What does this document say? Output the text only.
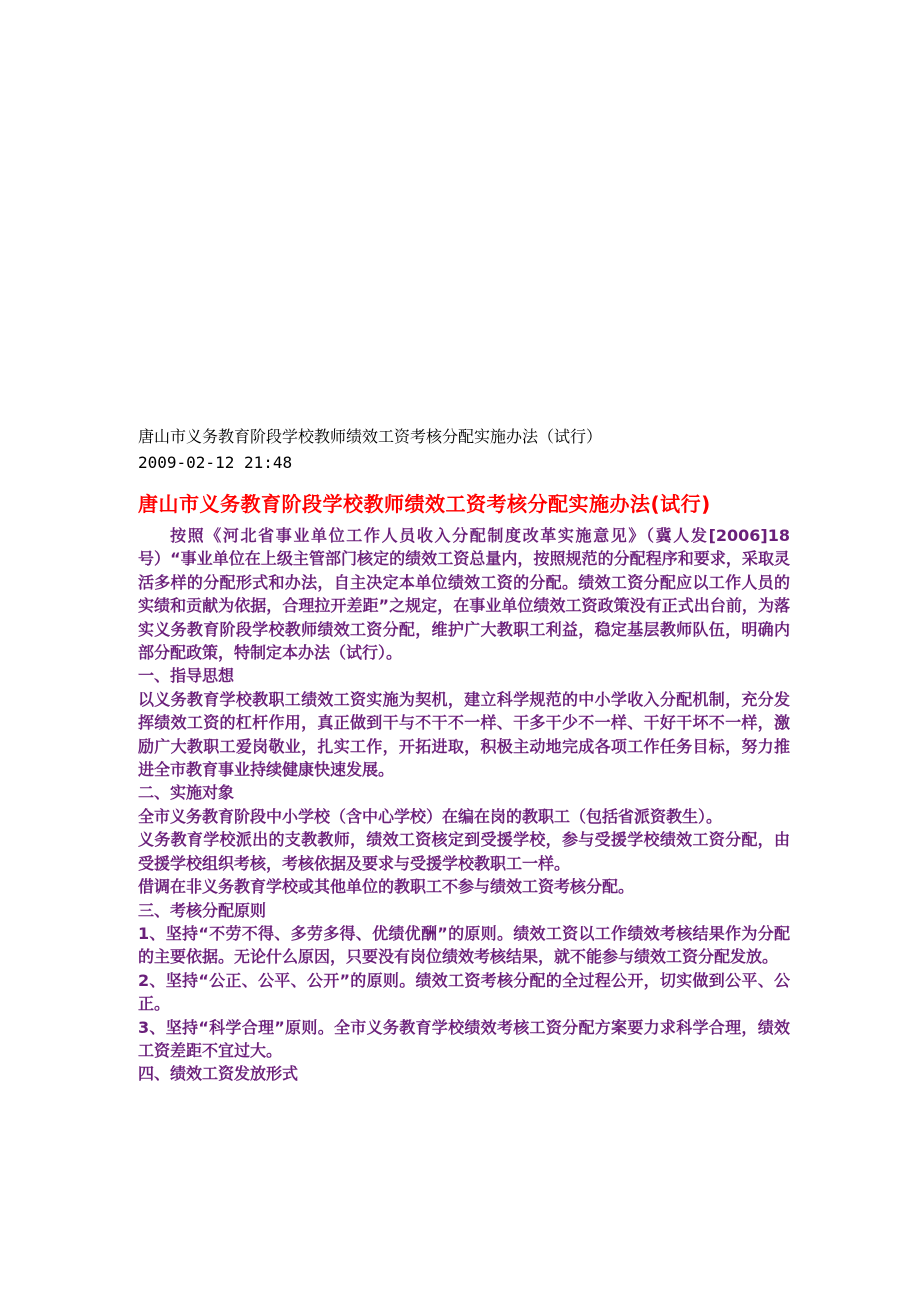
唐山市义务教育阶段学校教师绩效工资考核分配实施办法（试行）
2009-02-12 21:48
唐山市义务教育阶段学校教师绩效工资考核分配实施办法(试行)

按照《河北省事业单位工作人员收入分配制度改革实施意见》（冀人发[2006]18号）“事业单位在上级主管部门核定的绩效工资总量内，按照规范的分配程序和要求，采取灵活多样的分配形式和办法，自主决定本单位绩效工资的分配。绩效工资分配应以工作人员的实绩和贡献为依据，合理拉开差距”之规定，在事业单位绩效工资政策没有正式出台前，为落实义务教育阶段学校教师绩效工资分配，维护广大教职工利益，稳定基层教师队伍，明确内部分配政策，特制定本办法（试行）。

一、指导思想

以义务教育学校教职工绩效工资实施为契机，建立科学规范的中小学收入分配机制，充分发挥绩效工资的杠杆作用，真正做到干与不干不一样、干多干少不一样、干好干坏不一样，激励广大教职工爱岗敬业，扎实工作，开拓进取，积极主动地完成各项工作任务目标，努力推进全市教育事业持续健康快速发展。

二、实施对象

全市义务教育阶段中小学校（含中心学校）在编在岗的教职工（包括省派资教生）。

义务教育学校派出的支教教师，绩效工资核定到受援学校，参与受援学校绩效工资分配，由受援学校组织考核，考核依据及要求与受援学校教职工一样。

借调在非义务教育学校或其他单位的教职工不参与绩效工资考核分配。

三、考核分配原则

1、坚持“不劳不得、多劳多得、优绩优酬”的原则。绩效工资以工作绩效考核结果作为分配的主要依据。无论什么原因，只要没有岗位绩效考核结果，就不能参与绩效工资分配发放。

2、坚持“公正、公平、公开”的原则。绩效工资考核分配的全过程公开，切实做到公平、公正。

3、坚持“科学合理”原则。全市义务教育学校绩效考核工资分配方案要力求科学合理，绩效工资差距不宜过大。

四、绩效工资发放形式
